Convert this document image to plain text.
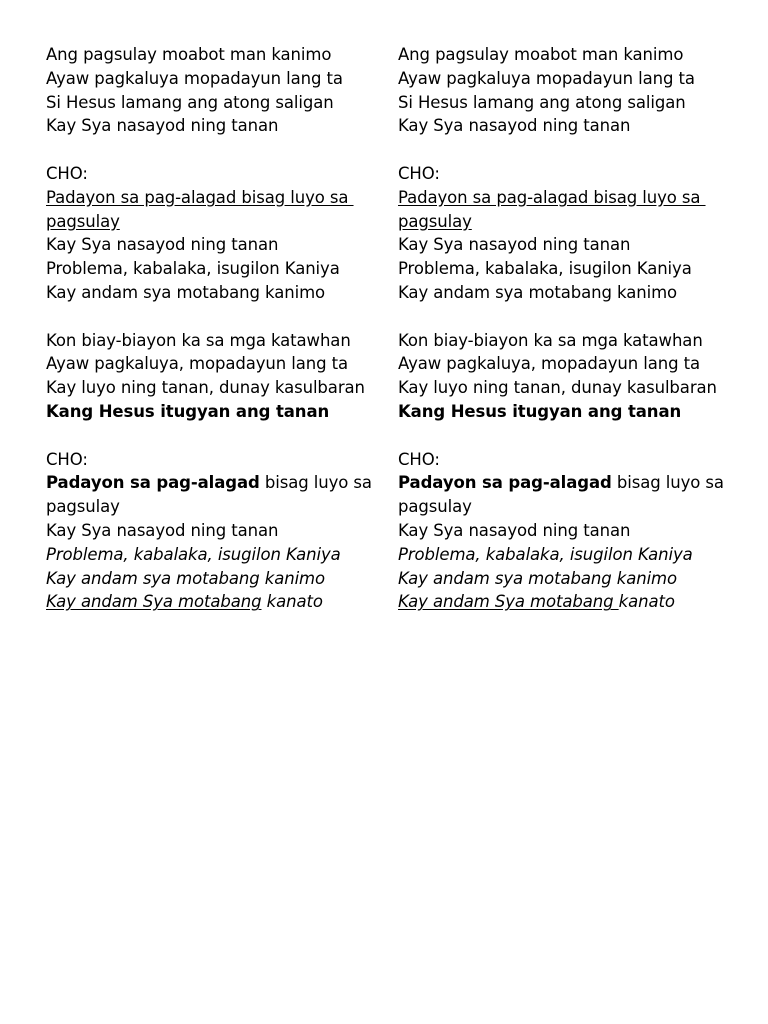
Ang pagsulay moabot man kanimo
Ayaw pagkaluya mopadayun lang ta
Si Hesus lamang ang atong saligan
Kay Sya nasayod ning tanan
CHO:
Padayon sa pag-alagad bisag luyo sa
pagsulay
Kay Sya nasayod ning tanan
Problema, kabalaka, isugilon Kaniya
Kay andam sya motabang kanimo
Kon biay-biayon ka sa mga katawhan
Ayaw pagkaluya, mopadayun lang ta
Kay luyo ning tanan, dunay kasulbaran
Kang Hesus itugyan ang tanan
CHO:
Padayon sa pag-alagad bisag luyo sa
pagsulay
Kay Sya nasayod ning tanan
Problema, kabalaka, isugilon Kaniya
Kay andam sya motabang kanimo
Kay andam Sya motabang kanato
Ang pagsulay moabot man kanimo
Ayaw pagkaluya mopadayun lang ta
Si Hesus lamang ang atong saligan
Kay Sya nasayod ning tanan
CHO:
Padayon sa pag-alagad bisag luyo sa
pagsulay
Kay Sya nasayod ning tanan
Problema, kabalaka, isugilon Kaniya
Kay andam sya motabang kanimo
Kon biay-biayon ka sa mga katawhan
Ayaw pagkaluya, mopadayun lang ta
Kay luyo ning tanan, dunay kasulbaran
Kang Hesus itugyan ang tanan
CHO:
Padayon sa pag-alagad bisag luyo sa
pagsulay
Kay Sya nasayod ning tanan
Problema, kabalaka, isugilon Kaniya
Kay andam sya motabang kanimo
Kay andam Sya motabang kanato
